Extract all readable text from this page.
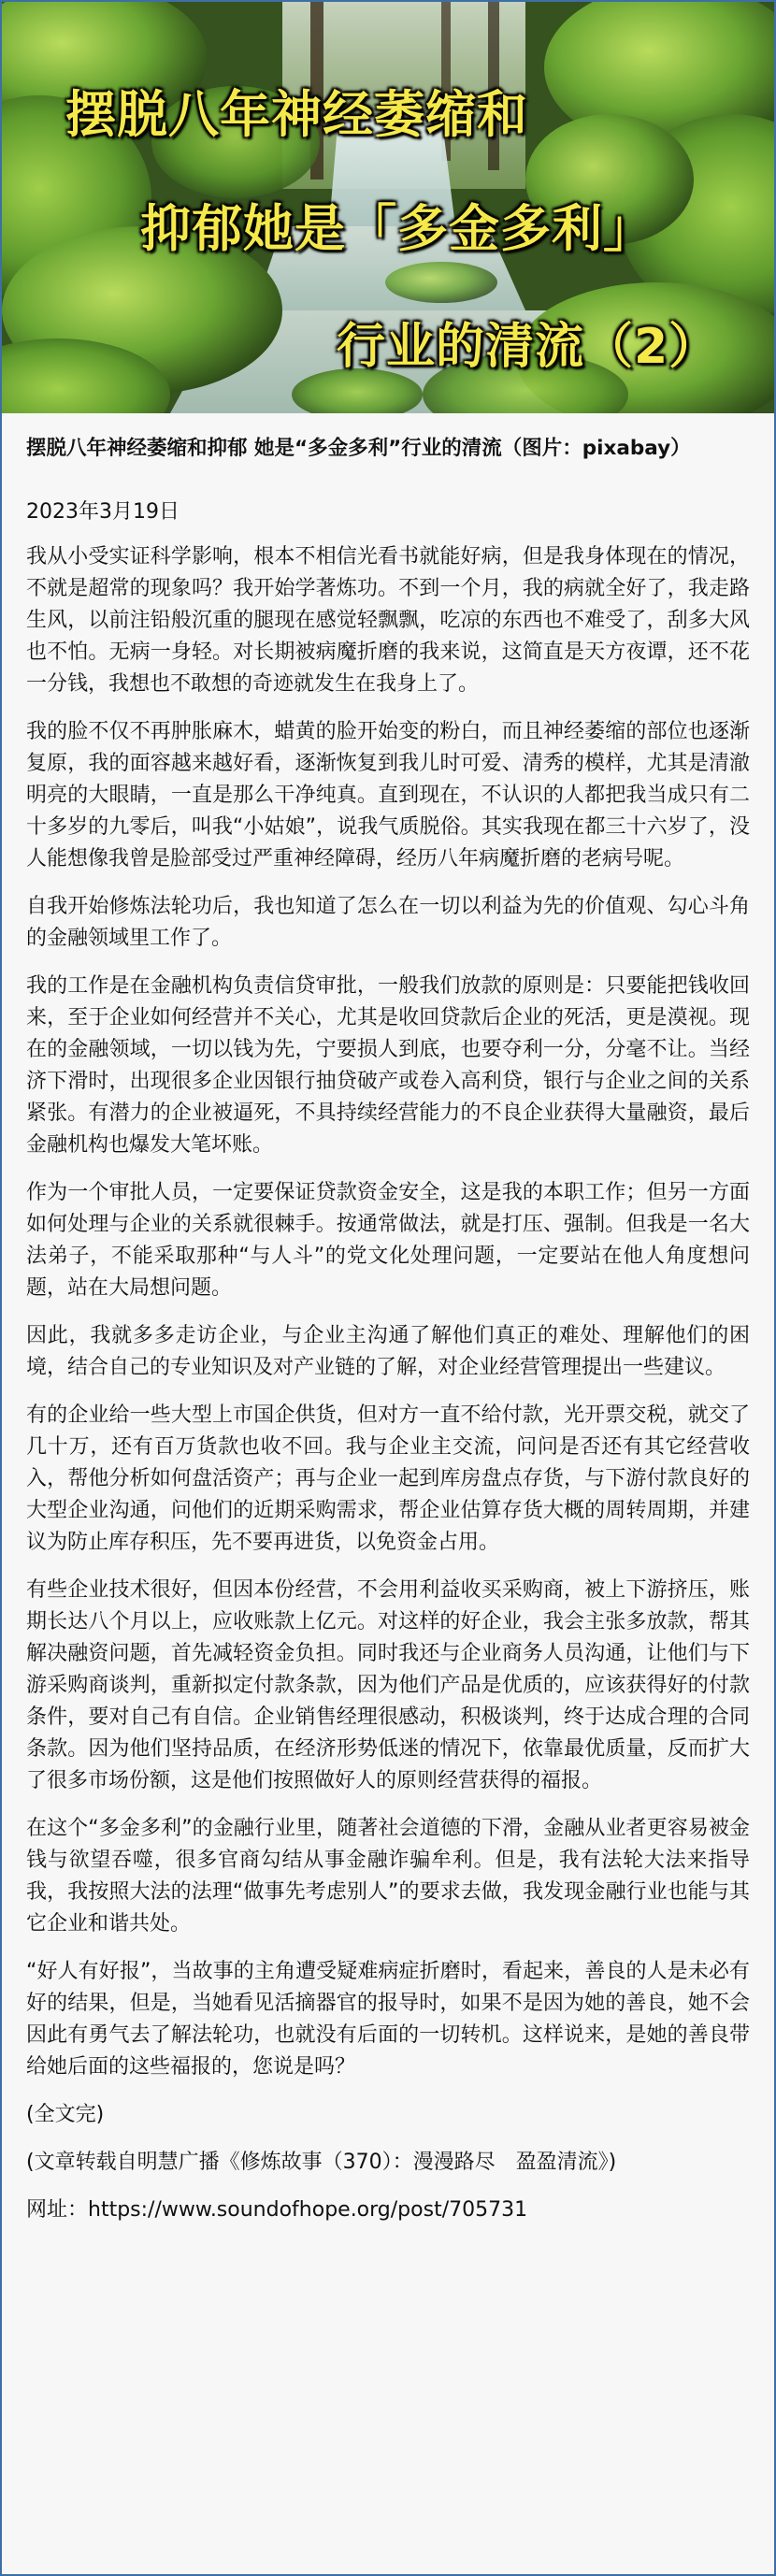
摆脱八年神经萎缩和
抑郁她是「多金多利」
行业的清流（2）

摆脱八年神经萎缩和抑郁 她是“多金多利”行业的清流（图片：pixabay）

2023年3月19日

我从小受实证科学影响，根本不相信光看书就能好病，但是我身体现在的情况，不就是超常的现象吗？我开始学著炼功。不到一个月，我的病就全好了，我走路生风，以前注铅般沉重的腿现在感觉轻飘飘，吃凉的东西也不难受了，刮多大风也不怕。无病一身轻。对长期被病魔折磨的我来说，这简直是天方夜谭，还不花一分钱，我想也不敢想的奇迹就发生在我身上了。

我的脸不仅不再肿胀麻木，蜡黄的脸开始变的粉白，而且神经萎缩的部位也逐渐复原，我的面容越来越好看，逐渐恢复到我儿时可爱、清秀的模样，尤其是清澈明亮的大眼睛，一直是那么干净纯真。直到现在，不认识的人都把我当成只有二十多岁的九零后，叫我“小姑娘”，说我气质脱俗。其实我现在都三十六岁了，没人能想像我曾是脸部受过严重神经障碍，经历八年病魔折磨的老病号呢。

自我开始修炼法轮功后，我也知道了怎么在一切以利益为先的价值观、勾心斗角的金融领域里工作了。

我的工作是在金融机构负责信贷审批，一般我们放款的原则是：只要能把钱收回来，至于企业如何经营并不关心，尤其是收回贷款后企业的死活，更是漠视。现在的金融领域，一切以钱为先，宁要损人到底，也要夺利一分，分毫不让。当经济下滑时，出现很多企业因银行抽贷破产或卷入高利贷，银行与企业之间的关系紧张。有潜力的企业被逼死，不具持续经营能力的不良企业获得大量融资，最后金融机构也爆发大笔坏账。

作为一个审批人员，一定要保证贷款资金安全，这是我的本职工作；但另一方面如何处理与企业的关系就很棘手。按通常做法，就是打压、强制。但我是一名大法弟子，不能采取那种“与人斗”的党文化处理问题，一定要站在他人角度想问题，站在大局想问题。

因此，我就多多走访企业，与企业主沟通了解他们真正的难处、理解他们的困境，结合自己的专业知识及对产业链的了解，对企业经营管理提出一些建议。

有的企业给一些大型上市国企供货，但对方一直不给付款，光开票交税，就交了几十万，还有百万货款也收不回。我与企业主交流，问问是否还有其它经营收入，帮他分析如何盘活资产；再与企业一起到库房盘点存货，与下游付款良好的大型企业沟通，问他们的近期采购需求，帮企业估算存货大概的周转周期，并建议为防止库存积压，先不要再进货，以免资金占用。

有些企业技术很好，但因本份经营，不会用利益收买采购商，被上下游挤压，账期长达八个月以上，应收账款上亿元。对这样的好企业，我会主张多放款，帮其解决融资问题，首先减轻资金负担。同时我还与企业商务人员沟通，让他们与下游采购商谈判，重新拟定付款条款，因为他们产品是优质的，应该获得好的付款条件，要对自己有自信。企业销售经理很感动，积极谈判，终于达成合理的合同条款。因为他们坚持品质，在经济形势低迷的情况下，依靠最优质量，反而扩大了很多市场份额，这是他们按照做好人的原则经营获得的福报。

在这个“多金多利”的金融行业里，随著社会道德的下滑，金融从业者更容易被金钱与欲望吞噬，很多官商勾结从事金融诈骗牟利。但是，我有法轮大法来指导我，我按照大法的法理“做事先考虑别人”的要求去做，我发现金融行业也能与其它企业和谐共处。

“好人有好报”，当故事的主角遭受疑难病症折磨时，看起来，善良的人是未必有好的结果，但是，当她看见活摘器官的报导时，如果不是因为她的善良，她不会因此有勇气去了解法轮功，也就没有后面的一切转机。这样说来，是她的善良带给她后面的这些福报的，您说是吗？

(全文完)

(文章转载自明慧广播《修炼故事（370）：漫漫路尽　盈盈清流》)

网址：https://www.soundofhope.org/post/705731
